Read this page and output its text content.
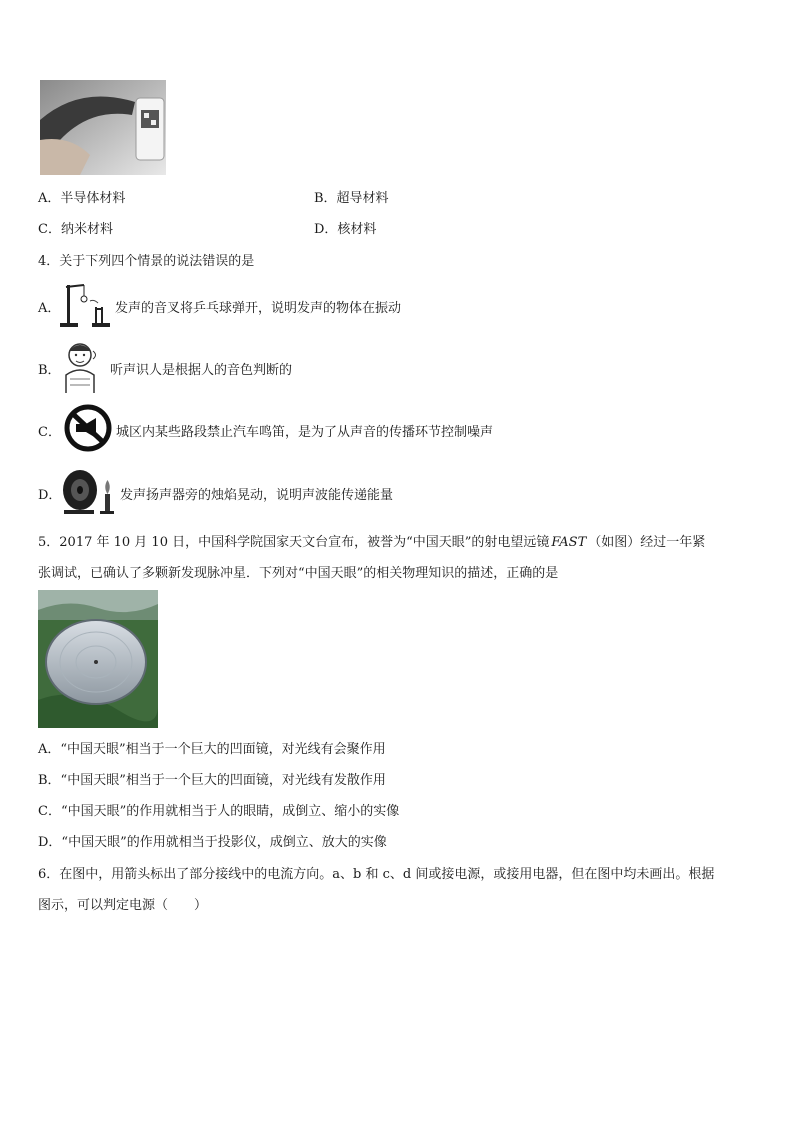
A．半导体材料	B．超导材料
C．纳米材料	D．核材料
4．关于下列四个情景的说法错误的是
A．	发声的音叉将乒乓球弹开，说明发声的物体在振动
B．	听声识人是根据人的音色判断的
C．	城区内某些路段禁止汽车鸣笛，是为了从声音的传播环节控制噪声
D．	发声扬声器旁的烛焰晃动，说明声波能传递能量
5．2017 年 10 月 10 日，中国科学院国家天文台宣布，被誉为“中国天眼”的射电望远镜 FAST （如图）经过一年紧
张调试，已确认了多颗新发现脉冲星．下列对“中国天眼”的相关物理知识的描述，正确的是
A．“中国天眼”相当于一个巨大的凹面镜，对光线有会聚作用
B．“中国天眼”相当于一个巨大的凹面镜，对光线有发散作用
C．“中国天眼”的作用就相当于人的眼睛，成倒立、缩小的实像
D．“中国天眼”的作用就相当于投影仪，成倒立、放大的实像
6．在图中，用箭头标出了部分接线中的电流方向。a、b 和 c、d 间或接电源，或接用电器，但在图中均未画出。根据
图示，可以判定电源（　　）
